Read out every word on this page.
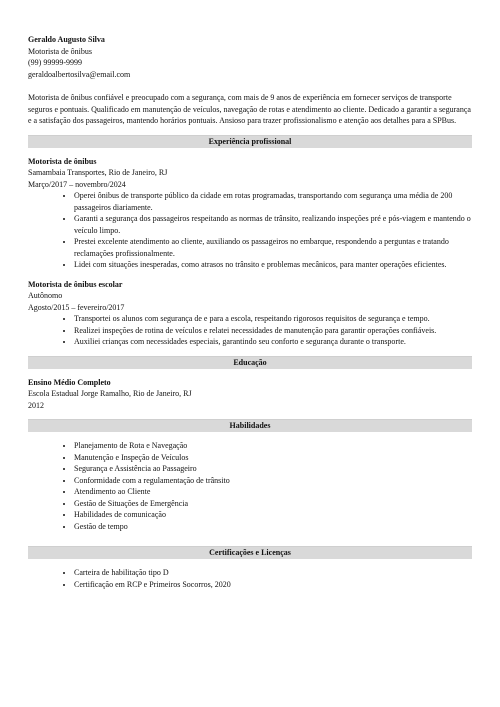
Geraldo Augusto Silva
Motorista de ônibus
(99) 99999-9999
geraldoalbertosilva@email.com
Motorista de ônibus confiável e preocupado com a segurança, com mais de 9 anos de experiência em fornecer serviços de transporte seguros e pontuais. Qualificado em manutenção de veículos, navegação de rotas e atendimento ao cliente. Dedicado a garantir a segurança e a satisfação dos passageiros, mantendo horários pontuais. Ansioso para trazer profissionalismo e atenção aos detalhes para a SPBus.
Experiência profissional
Motorista de ônibus
Samambaia Transportes, Rio de Janeiro, RJ
Março/2017 – novembro/2024
• Operei ônibus de transporte público da cidade em rotas programadas, transportando com segurança uma média de 200 passageiros diariamente.
• Garanti a segurança dos passageiros respeitando as normas de trânsito, realizando inspeções pré e pós-viagem e mantendo o veículo limpo.
• Prestei excelente atendimento ao cliente, auxiliando os passageiros no embarque, respondendo a perguntas e tratando reclamações profissionalmente.
• Lidei com situações inesperadas, como atrasos no trânsito e problemas mecânicos, para manter operações eficientes.
Motorista de ônibus escolar
Autônomo
Agosto/2015 – fevereiro/2017
• Transportei os alunos com segurança de e para a escola, respeitando rigorosos requisitos de segurança e tempo.
• Realizei inspeções de rotina de veículos e relatei necessidades de manutenção para garantir operações confiáveis.
• Auxiliei crianças com necessidades especiais, garantindo seu conforto e segurança durante o transporte.
Educação
Ensino Médio Completo
Escola Estadual Jorge Ramalho, Rio de Janeiro, RJ
2012
Habilidades
• Planejamento de Rota e Navegação
• Manutenção e Inspeção de Veículos
• Segurança e Assistência ao Passageiro
• Conformidade com a regulamentação de trânsito
• Atendimento ao Cliente
• Gestão de Situações de Emergência
• Habilidades de comunicação
• Gestão de tempo
Certificações e Licenças
• Carteira de habilitação tipo D
• Certificação em RCP e Primeiros Socorros, 2020
